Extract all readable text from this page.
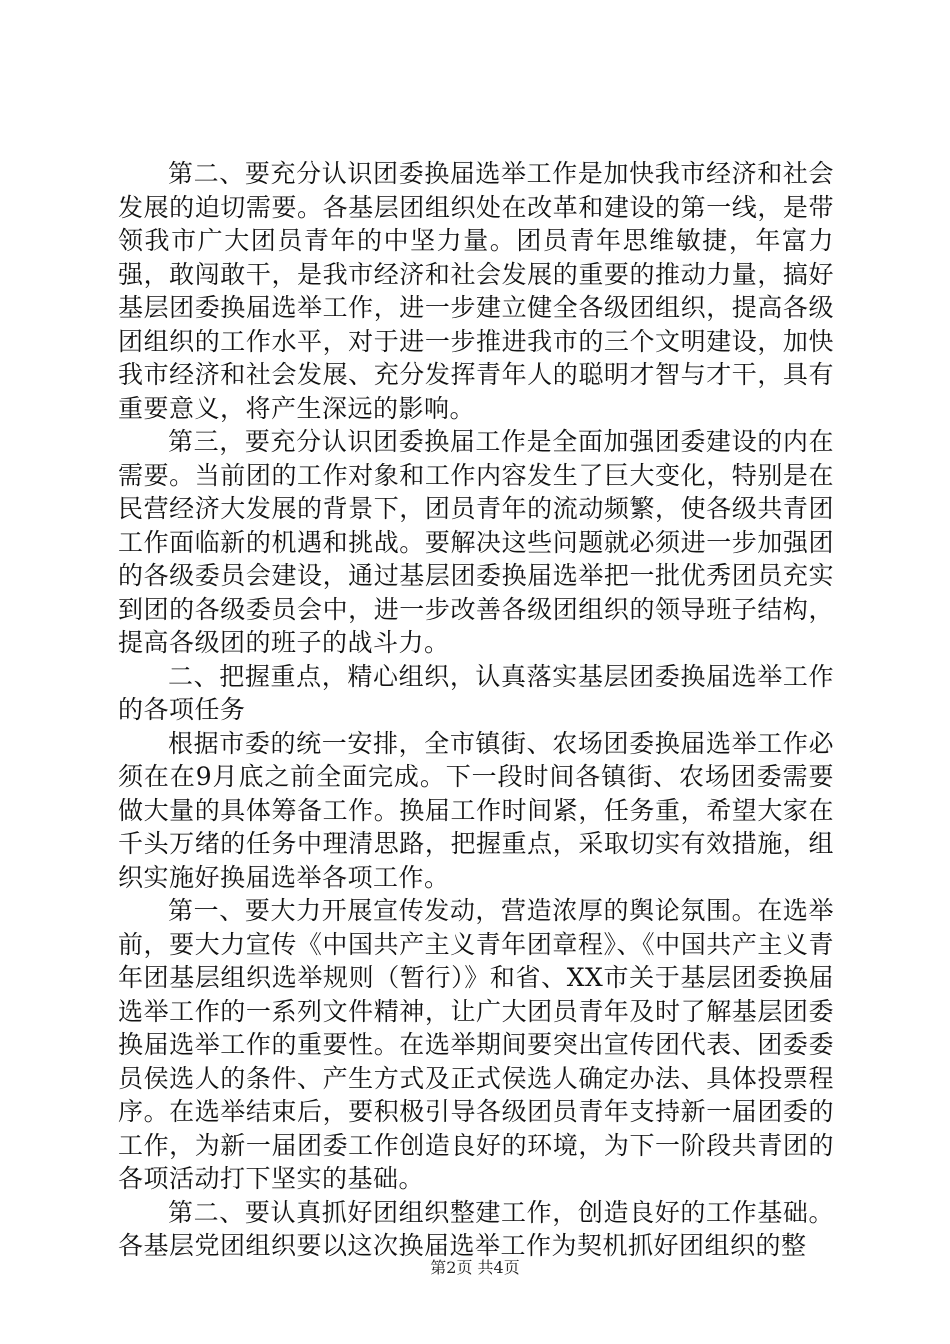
第二、要充分认识团委换届选举工作是加快我市经济和社会发展的迫切需要。各基层团组织处在改革和建设的第一线，是带领我市广大团员青年的中坚力量。团员青年思维敏捷，年富力强，敢闯敢干，是我市经济和社会发展的重要的推动力量，搞好基层团委换届选举工作，进一步建立健全各级团组织，提高各级团组织的工作水平，对于进一步推进我市的三个文明建设，加快我市经济和社会发展、充分发挥青年人的聪明才智与才干，具有重要意义，将产生深远的影响。

第三，要充分认识团委换届工作是全面加强团委建设的内在需要。当前团的工作对象和工作内容发生了巨大变化，特别是在民营经济大发展的背景下，团员青年的流动频繁，使各级共青团工作面临新的机遇和挑战。要解决这些问题就必须进一步加强团的各级委员会建设，通过基层团委换届选举把一批优秀团员充实到团的各级委员会中，进一步改善各级团组织的领导班子结构，提高各级团的班子的战斗力。

二、把握重点，精心组织，认真落实基层团委换届选举工作的各项任务

根据市委的统一安排，全市镇街、农场团委换届选举工作必须在在9月底之前全面完成。下一段时间各镇街、农场团委需要做大量的具体筹备工作。换届工作时间紧，任务重，希望大家在千头万绪的任务中理清思路，把握重点，采取切实有效措施，组织实施好换届选举各项工作。

第一、要大力开展宣传发动，营造浓厚的舆论氛围。在选举前，要大力宣传《中国共产主义青年团章程》、《中国共产主义青年团基层组织选举规则（暂行）》和省、XX市关于基层团委换届选举工作的一系列文件精神，让广大团员青年及时了解基层团委换届选举工作的重要性。在选举期间要突出宣传团代表、团委委员侯选人的条件、产生方式及正式侯选人确定办法、具体投票程序。在选举结束后，要积极引导各级团员青年支持新一届团委的工作，为新一届团委工作创造良好的环境，为下一阶段共青团的各项活动打下坚实的基础。

第二、要认真抓好团组织整建工作，创造良好的工作基础。各基层党团组织要以这次换届选举工作为契机抓好团组织的整

第2页 共4页
